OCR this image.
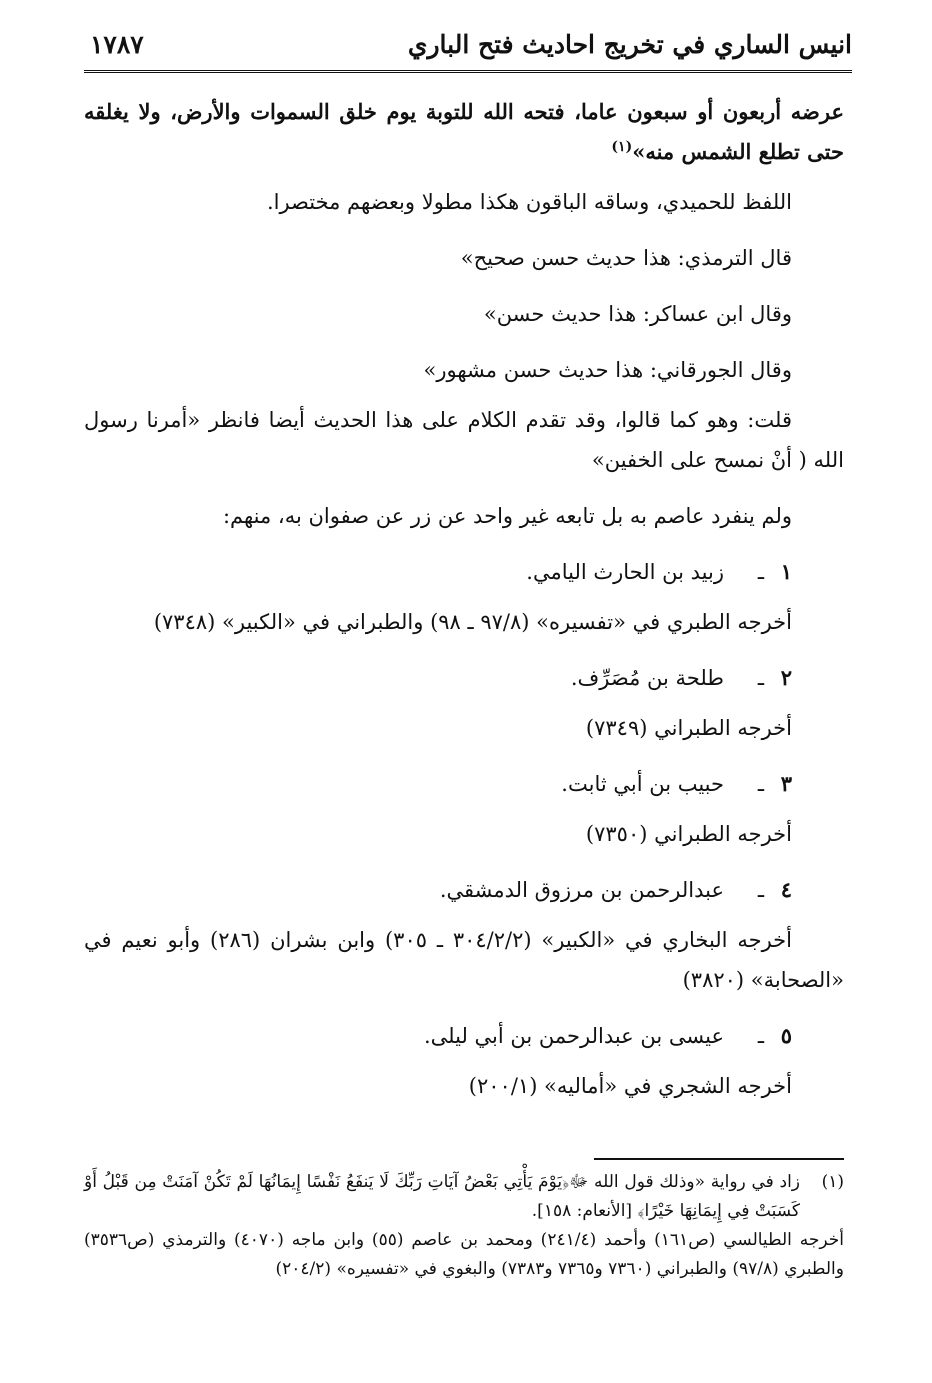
انيس الساري في تخريج احاديث فتح الباري
١٧٨٧

عرضه أربعون أو سبعون عاما، فتحه الله للتوبة يوم خلق السموات والأرض، ولا يغلقه حتى تطلع الشمس منه»$^{(١)}$

اللفظ للحميدي، وساقه الباقون هكذا مطولا وبعضهم مختصرا.

قال الترمذي: هذا حديث حسن صحيح»

وقال ابن عساكر: هذا حديث حسن»

وقال الجورقاني: هذا حديث حسن مشهور»

قلت: وهو كما قالوا، وقد تقدم الكلام على هذا الحديث أيضا فانظر «أمرنا رسول الله ( أنْ نمسح على الخفين»

ولم ينفرد عاصم به بل تابعه غير واحد عن زر عن صفوان به، منهم:

١
ـ
زبيد بن الحارث اليامي.

أخرجه الطبري في «تفسيره» (٩٧/٨ ـ ٩٨) والطبراني في «الكبير» (٧٣٤٨)

٢
ـ
طلحة بن مُصَرِّف.

أخرجه الطبراني (٧٣٤٩)

٣
ـ
حبيب بن أبي ثابت.

أخرجه الطبراني (٧٣٥٠)

٤
ـ
عبدالرحمن بن مرزوق الدمشقي.

أخرجه البخاري في «الكبير» (٣٠٤/٢/٢ ـ ٣٠٥) وابن بشران (٢٨٦) وأبو نعيم في «الصحابة» (٣٨٢٠)

٥
ـ
عيسى بن عبدالرحمن بن أبي ليلى.

أخرجه الشجري في «أماليه» (٢٠٠/١)

(١)
زاد في رواية «وذلك قول الله ﷻ﴿يَوْمَ يَأْتِي بَعْضُ آيَاتِ رَبِّكَ لَا يَنفَعُ نَفْسًا إِيمَانُهَا لَمْ تَكُنْ آمَنَتْ مِن قَبْلُ أَوْ كَسَبَتْ فِي إِيمَانِهَا خَيْرًا﴾ [الأنعام: ١٥٨].

أخرجه الطيالسي (ص١٦١) وأحمد (٢٤١/٤) ومحمد بن عاصم (٥٥) وابن ماجه (٤٠٧٠) والترمذي (ص٣٥٣٦) والطبري (٩٧/٨) والطبراني (٧٣٦٠ و٧٣٦٥ و٧٣٨٣) والبغوي في «تفسيره» (٢٠٤/٢)
